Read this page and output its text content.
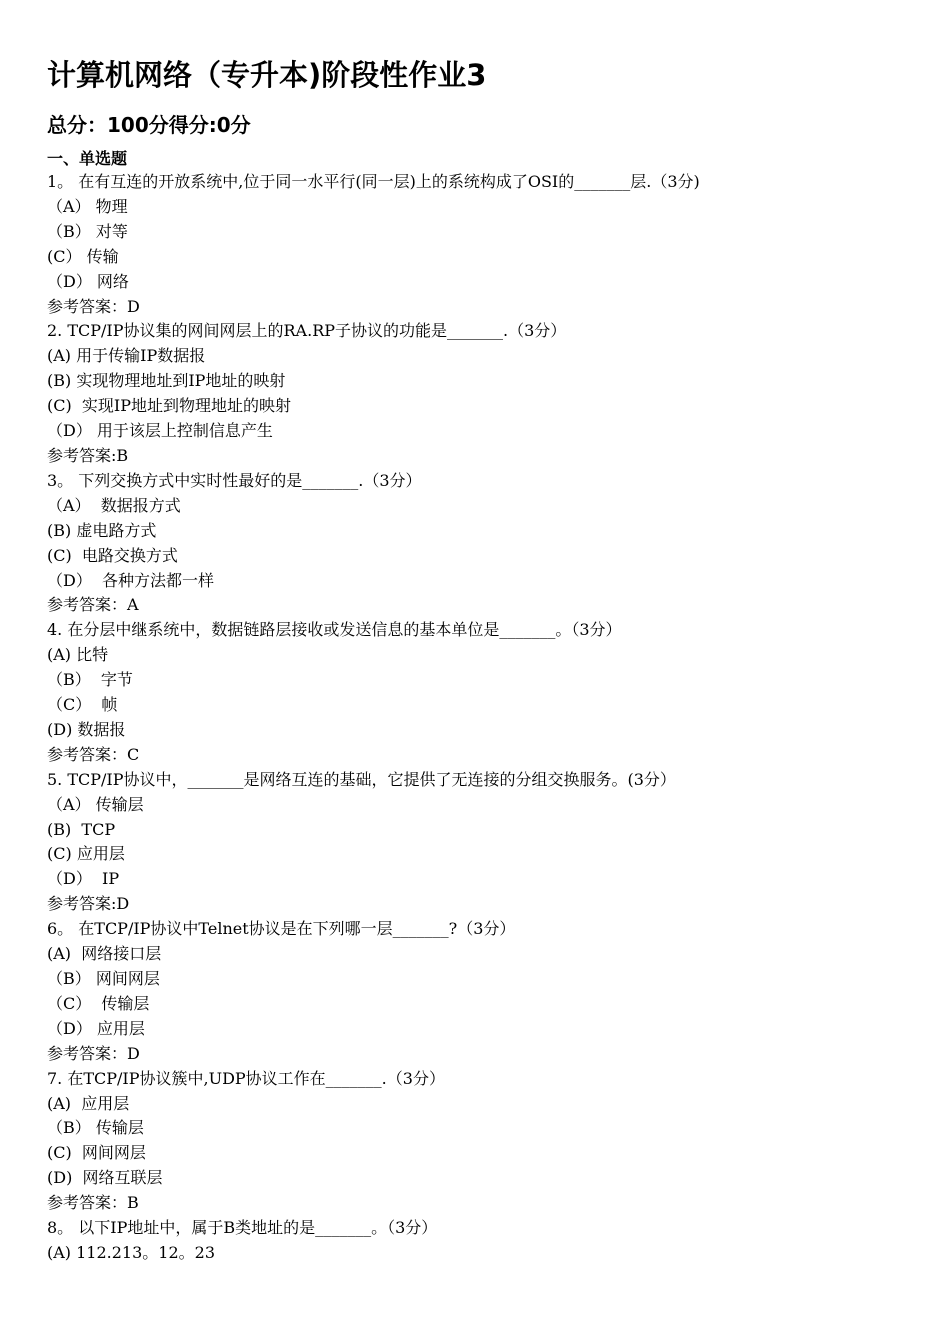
计算机网络（专升本)阶段性作业3
总分：100分得分:0分
一、单选题
1。 在有互连的开放系统中,位于同一水平行(同一层)上的系统构成了OSI的_______层.（3分)
（A） 物理
（B） 对等
(C） 传输
（D） 网络
参考答案：D
2. TCP/IP协议集的网间网层上的RA.RP子协议的功能是_______.（3分）
(A) 用于传输IP数据报
(B) 实现物理地址到IP地址的映射
(C)  实现IP地址到物理地址的映射
（D） 用于该层上控制信息产生
参考答案:B
3。 下列交换方式中实时性最好的是_______.（3分）
（A）  数据报方式
(B) 虚电路方式
(C)  电路交换方式
（D）  各种方法都一样
参考答案：A
4. 在分层中继系统中，数据链路层接收或发送信息的基本单位是_______。（3分）
(A) 比特
（B）  字节
（C）  帧
(D) 数据报
参考答案：C
5. TCP/IP协议中，_______是网络互连的基础，它提供了无连接的分组交换服务。(3分）
（A） 传输层
(B)  TCP
(C) 应用层
（D）  IP
参考答案:D
6。 在TCP/IP协议中Telnet协议是在下列哪一层_______?（3分）
(A)  网络接口层
（B） 网间网层
（C）  传输层
（D） 应用层
参考答案：D
7. 在TCP/IP协议簇中,UDP协议工作在_______.（3分）
(A)  应用层
（B） 传输层
(C)  网间网层
(D)  网络互联层
参考答案：B
8。 以下IP地址中，属于B类地址的是_______。（3分）
(A) 112.213。12。23
